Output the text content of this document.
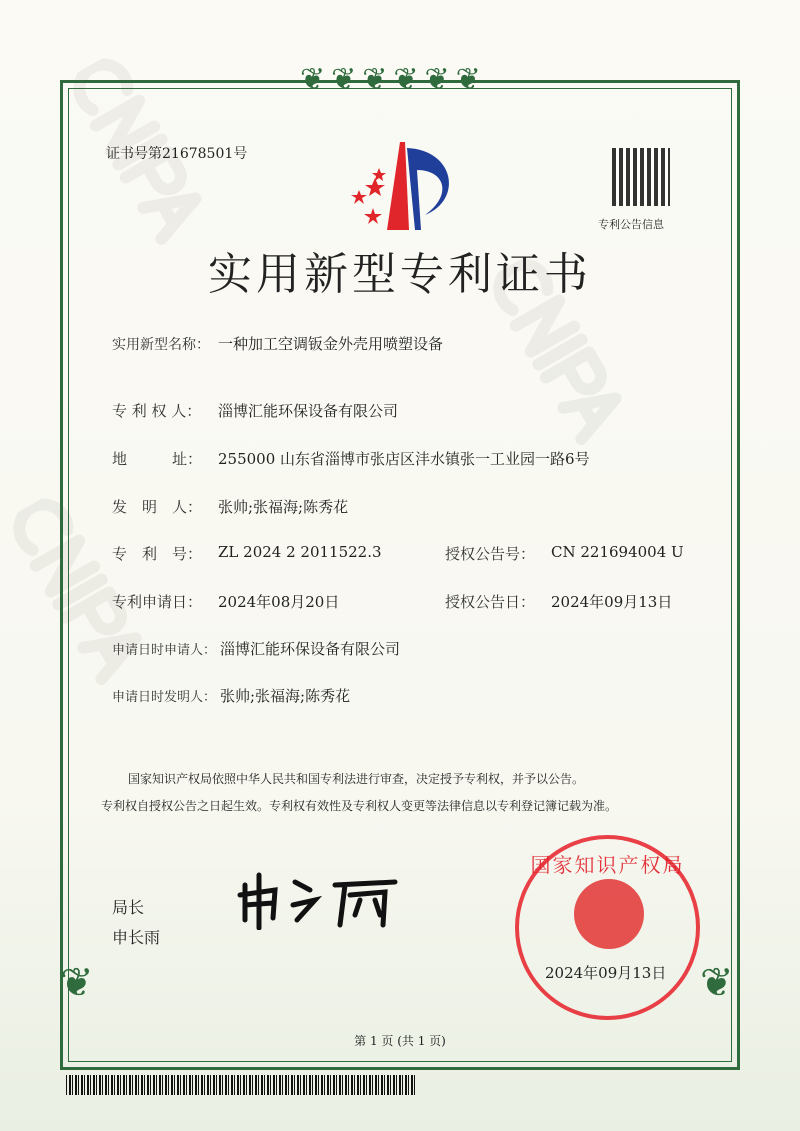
❦❦❦❦❦❦
❦	❦
证书号第21678501号
专利公告信息
实用新型专利证书
实用新型名称： 一种加工空调钣金外壳用喷塑设备
专 利 权 人： 淄博汇能环保设备有限公司
地　　　址： 255000 山东省淄博市张店区沣水镇张一工业园一路6号
发　明　人： 张帅;张福海;陈秀花
专　利　号： ZL 2024 2 2011522.3	授权公告号： CN 221694004 U
专利申请日： 2024年08月20日	授权公告日： 2024年09月13日
申请日时申请人： 淄博汇能环保设备有限公司
申请日时发明人： 张帅;张福海;陈秀花
国家知识产权局依照中华人民共和国专利法进行审查，决定授予专利权，并予以公告。
专利权自授权公告之日起生效。专利权有效性及专利权人变更等法律信息以专利登记簿记载为准。
局长
申长雨
国家知识产权局
2024年09月13日
第 1 页 (共 1 页)
